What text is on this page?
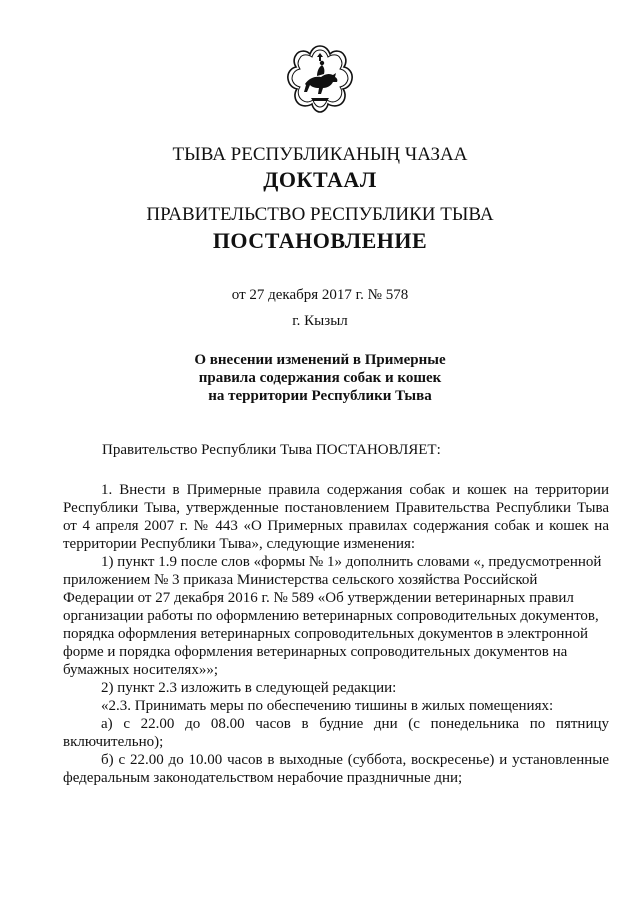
ТЫВА РЕСПУБЛИКАНЫҢ ЧАЗАА
ДОКТААЛ
ПРАВИТЕЛЬСТВО РЕСПУБЛИКИ ТЫВА
ПОСТАНОВЛЕНИЕ
от 27 декабря 2017 г. № 578
г. Кызыл
О внесении изменений в Примерные
правила содержания собак и кошек
на территории Республики Тыва
Правительство Республики Тыва ПОСТАНОВЛЯЕТ:

1. Внести в Примерные правила содержания собак и кошек на территории Республики Тыва, утвержденные постановлением Правительства Республики Тыва от 4 апреля 2007 г. № 443 «О Примерных правилах содержания собак и кошек на территории Республики Тыва», следующие изменения:

1) пункт 1.9 после слов «формы № 1» дополнить словами «, предусмотренной приложением № 3 приказа Министерства сельского хозяйства Российской Федерации от 27 декабря 2016 г. № 589 «Об утверждении ветеринарных правил организации работы по оформлению ветеринарных сопроводительных документов, порядка оформления ветеринарных сопроводительных документов в электронной форме и порядка оформления ветеринарных сопроводительных документов на бумажных носителях»»;

2) пункт 2.3 изложить в следующей редакции:

«2.3. Принимать меры по обеспечению тишины в жилых помещениях:

а) с 22.00 до 08.00 часов в будние дни (с понедельника по пятницу включительно);

б) с 22.00 до 10.00 часов в выходные (суббота, воскресенье) и установленные федеральным законодательством нерабочие праздничные дни;
